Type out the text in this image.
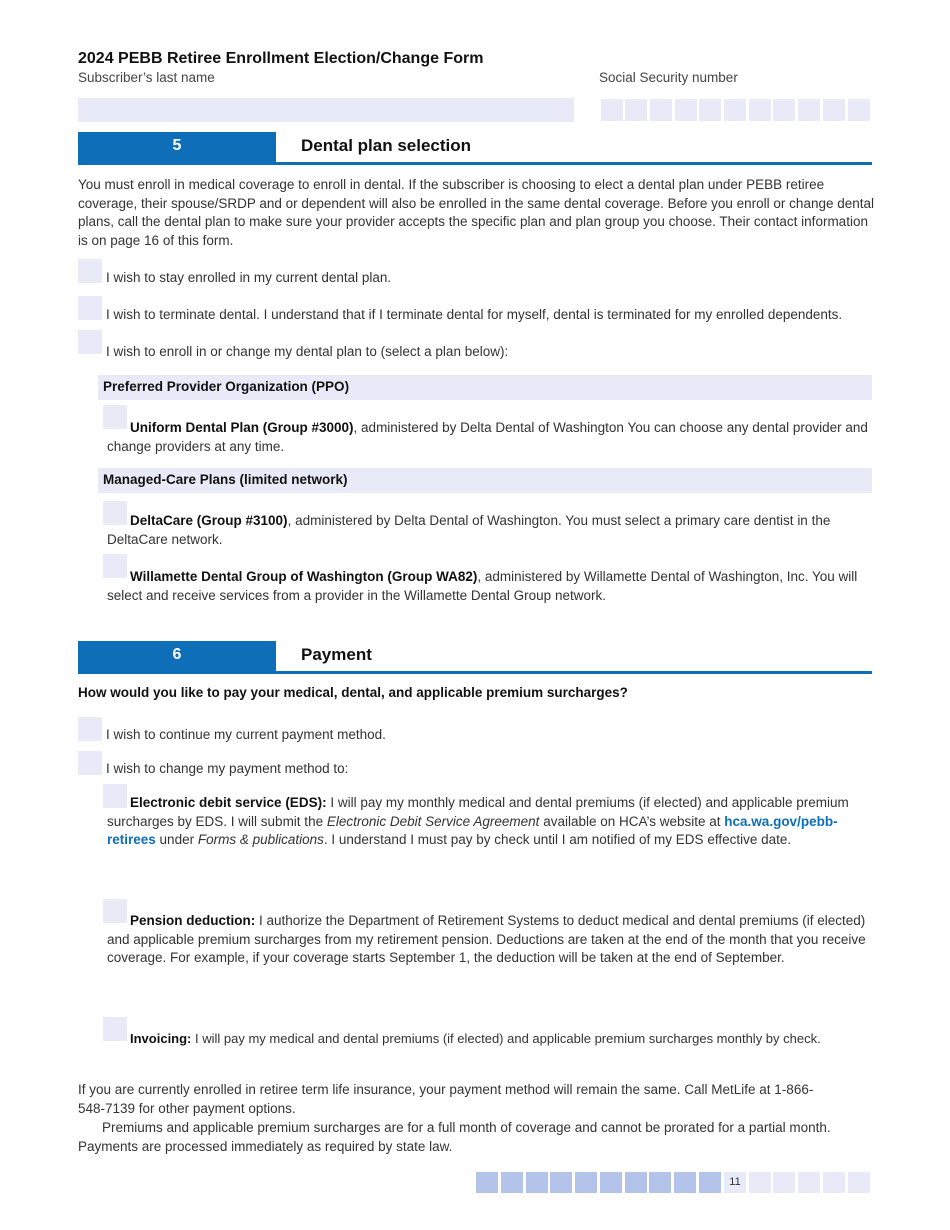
2024 PEBB Retiree Enrollment Election/Change Form
Subscriber’s last name	Social Security number
5	Dental plan selection
You must enroll in medical coverage to enroll in dental. If the subscriber is choosing to elect a dental plan under PEBB retiree coverage, their spouse/SRDP and or dependent will also be enrolled in the same dental coverage. Before you enroll or change dental plans, call the dental plan to make sure your provider accepts the specific plan and plan group you choose. Their contact information is on page 16 of this form.
I wish to stay enrolled in my current dental plan.
I wish to terminate dental. I understand that if I terminate dental for myself, dental is terminated for my enrolled dependents.
I wish to enroll in or change my dental plan to (select a plan below):
Preferred Provider Organization (PPO)
Uniform Dental Plan (Group #3000), administered by Delta Dental of Washington You can choose any dental provider and change providers at any time.
Managed-Care Plans (limited network)
DeltaCare (Group #3100), administered by Delta Dental of Washington. You must select a primary care dentist in the DeltaCare network.
Willamette Dental Group of Washington (Group WA82), administered by Willamette Dental of Washington, Inc. You will select and receive services from a provider in the Willamette Dental Group network.
6	Payment
How would you like to pay your medical, dental, and applicable premium surcharges?
I wish to continue my current payment method.
I wish to change my payment method to:
Electronic debit service (EDS): I will pay my monthly medical and dental premiums (if elected) and applicable premium surcharges by EDS. I will submit the Electronic Debit Service Agreement available on HCA’s website at hca.wa.gov/pebb-retirees under Forms & publications. I understand I must pay by check until I am notified of my EDS effective date.
Pension deduction: I authorize the Department of Retirement Systems to deduct medical and dental premiums (if elected) and applicable premium surcharges from my retirement pension. Deductions are taken at the end of the month that you receive coverage. For example, if your coverage starts September 1, the deduction will be taken at the end of September.
Invoicing: I will pay my medical and dental premiums (if elected) and applicable premium surcharges monthly by check.
If you are currently enrolled in retiree term life insurance, your payment method will remain the same. Call MetLife at 1-866-548-7139 for other payment options.
Premiums and applicable premium surcharges are for a full month of coverage and cannot be prorated for a partial month. Payments are processed immediately as required by state law.
11
